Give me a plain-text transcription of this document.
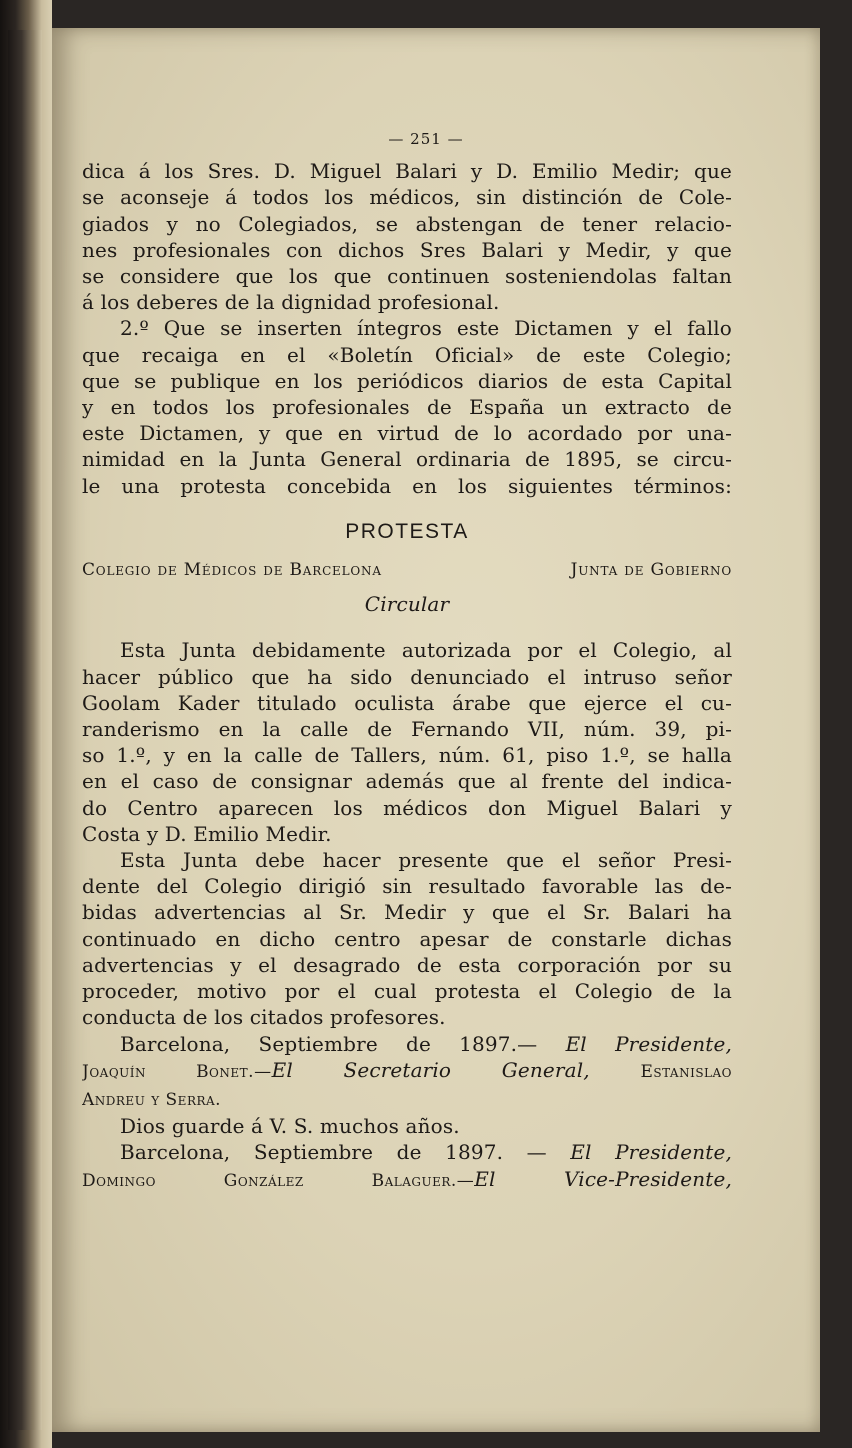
— 251 —
dica á los Sres. D. Miguel Balari y D. Emilio Medir; que
se aconseje á todos los médicos, sin distinción de Cole-
giados y no Colegiados, se abstengan de tener relacio-
nes profesionales con dichos Sres Balari y Medir, y que
se considere que los que continuen sosteniendolas faltan
á los deberes de la dignidad profesional.
2.º Que se inserten íntegros este Dictamen y el fallo
que recaiga en el «Boletín Oficial» de este Colegio;
que se publique en los periódicos diarios de esta Capital
y en todos los profesionales de España un extracto de
este Dictamen, y que en virtud de lo acordado por una-
nimidad en la Junta General ordinaria de 1895, se circu-
le una protesta concebida en los siguientes términos:
PROTESTA
Colegio de Médicos de Barcelona	Junta de Gobierno
Circular
Esta Junta debidamente autorizada por el Colegio, al
hacer público que ha sido denunciado el intruso señor
Goolam Kader titulado oculista árabe que ejerce el cu-
randerismo en la calle de Fernando VII, núm. 39, pi-
so 1.º, y en la calle de Tallers, núm. 61, piso 1.º, se halla
en el caso de consignar además que al frente del indica-
do Centro aparecen los médicos don Miguel Balari y
Costa y D. Emilio Medir.
Esta Junta debe hacer presente que el señor Presi-
dente del Colegio dirigió sin resultado favorable las de-
bidas advertencias al Sr. Medir y que el Sr. Balari ha
continuado en dicho centro apesar de constarle dichas
advertencias y el desagrado de esta corporación por su
proceder, motivo por el cual protesta el Colegio de la
conducta de los citados profesores.
Barcelona, Septiembre de 1897.— El Presidente,
Joaquín Bonet.—El Secretario General,	Estanislao
Andreu y Serra.
Dios guarde á V. S. muchos años.
Barcelona, Septiembre de 1897. — El Presidente,
Domingo González Balaguer.—El Vice-Presidente,
